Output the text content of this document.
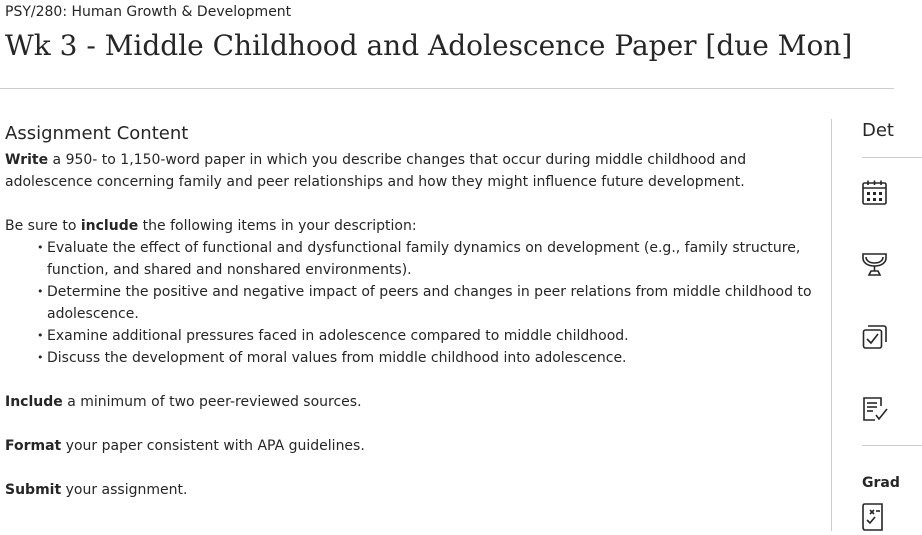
PSY/280: Human Growth & Development
Wk 3 - Middle Childhood and Adolescence Paper [due Mon]
Assignment Content

Write a 950- to 1,150-word paper in which you describe changes that occur during middle childhood and adolescence concerning family and peer relationships and how they might influence future development.

Be sure to include the following items in your description:

• Evaluate the effect of functional and dysfunctional family dynamics on development (e.g., family structure, function, and shared and nonshared environments).
• Determine the positive and negative impact of peers and changes in peer relations from middle childhood to adolescence.
• Examine additional pressures faced in adolescence compared to middle childhood.
• Discuss the development of moral values from middle childhood into adolescence.

Include a minimum of two peer-reviewed sources.

Format your paper consistent with APA guidelines.

Submit your assignment.

Det
Grad
